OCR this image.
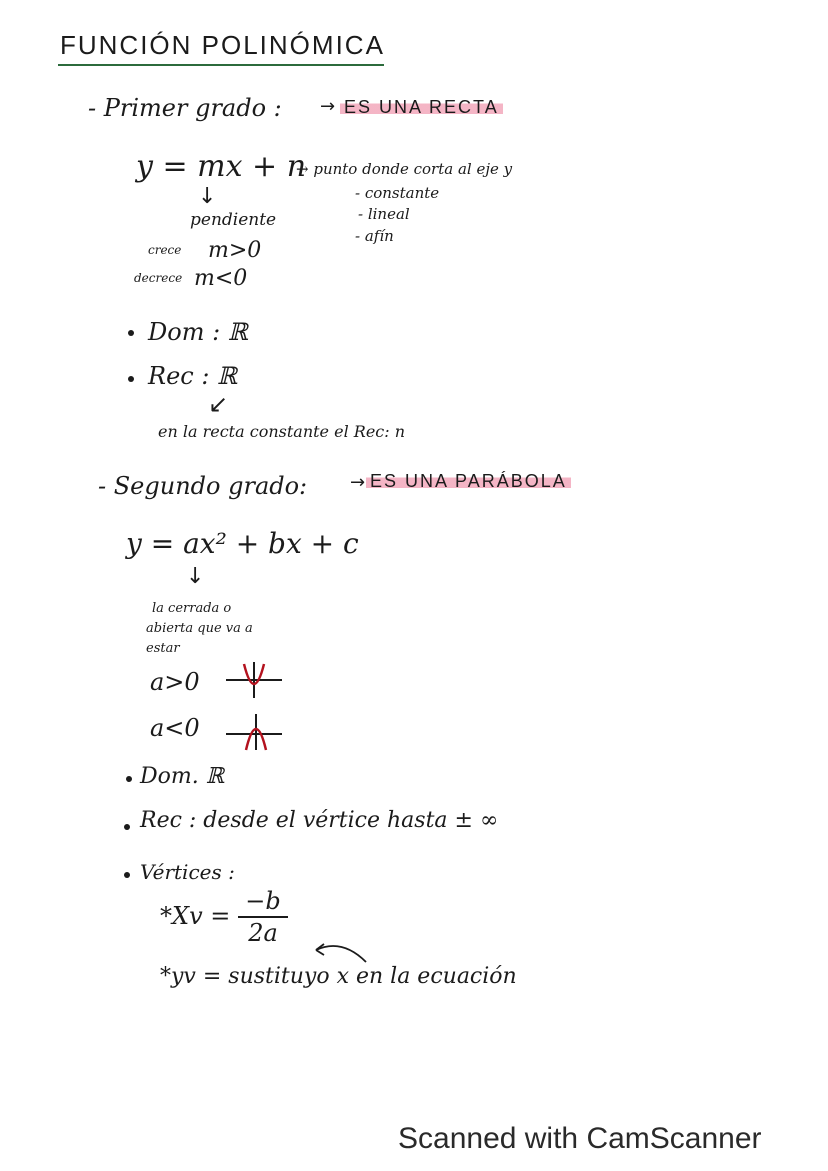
FUNCIÓN POLINÓMICA
- Primer grado : → ES UNA RECTA
y = mx + n
→ punto donde corta al eje y
- constante
- lineal
- afín
↓
pendiente
crece m>0
decrece m<0
Dom : ℝ
Rec : ℝ
↙
en la recta constante el Rec: n
- Segundo grado: → ES UNA PARÁBOLA
y = ax² + bx + c
↓
la cerrada o
abierta que va a
estar
a>0
a<0
Dom. ℝ
Rec : desde el vértice hasta ± ∞
Vértices :
*Xv =
−b
2a
*yv = sustituyo x en la ecuación
Scanned with CamScanner
